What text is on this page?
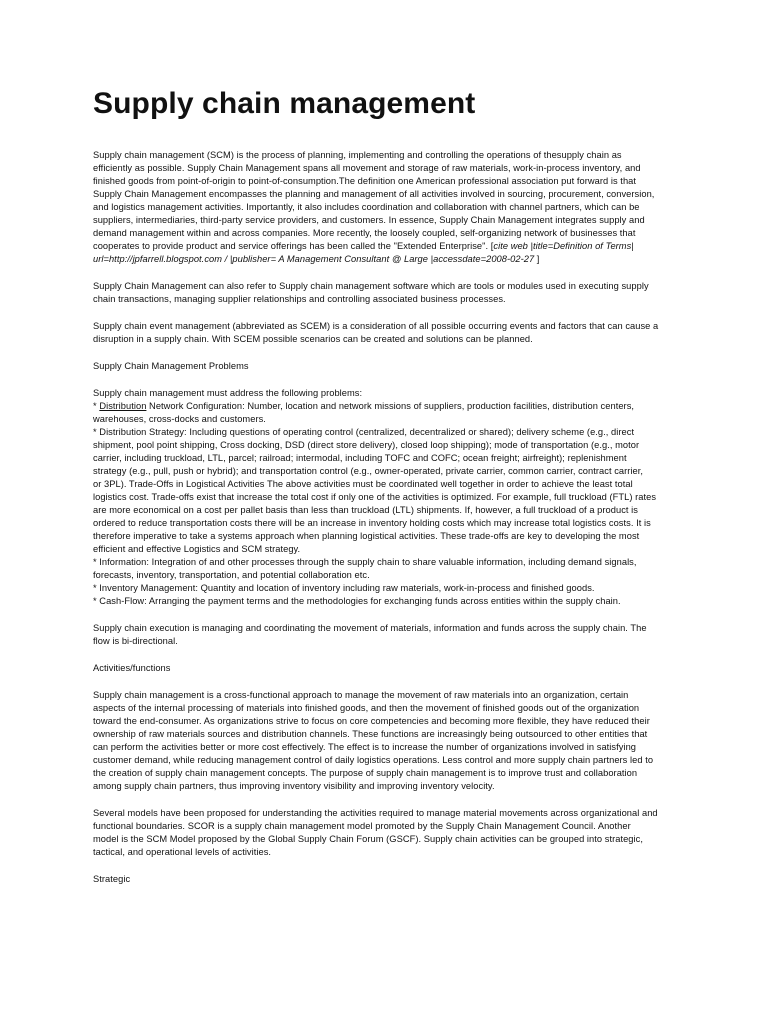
Supply chain management

Supply chain management (SCM) is the process of planning, implementing and controlling the operations of thesupply chain as
efficiently as possible. Supply Chain Management spans all movement and storage of raw materials, work-in-process inventory, and
finished goods from point-of-origin to point-of-consumption.The definition one American professional association put forward is that
Supply Chain Management encompasses the planning and management of all activities involved in sourcing, procurement, conversion,
and logistics management activities. Importantly, it also includes coordination and collaboration with channel partners, which can be
suppliers, intermediaries, third-party service providers, and customers. In essence, Supply Chain Management integrates supply and
demand management within and across companies. More recently, the loosely coupled, self-organizing network of businesses that
cooperates to provide product and service offerings has been called the "Extended Enterprise". [cite web |title=Definition of Terms|
url=http://jpfarrell.blogspot.com / |publisher= A Management Consultant @ Large |accessdate=2008-02-27 ]

Supply Chain Management can also refer to Supply chain management software which are tools or modules used in executing supply
chain transactions, managing supplier relationships and controlling associated business processes.

Supply chain event management (abbreviated as SCEM) is a consideration of all possible occurring events and factors that can cause a
disruption in a supply chain. With SCEM possible scenarios can be created and solutions can be planned.

Supply Chain Management Problems

Supply chain management must address the following problems:
* Distribution Network Configuration: Number, location and network missions of suppliers, production facilities, distribution centers,
warehouses, cross-docks and customers.
* Distribution Strategy: Including questions of operating control (centralized, decentralized or shared); delivery scheme (e.g., direct
shipment, pool point shipping, Cross docking, DSD (direct store delivery), closed loop shipping); mode of transportation (e.g., motor
carrier, including truckload, LTL, parcel; railroad; intermodal, including TOFC and COFC; ocean freight; airfreight); replenishment
strategy (e.g., pull, push or hybrid); and transportation control (e.g., owner-operated, private carrier, common carrier, contract carrier,
or 3PL). Trade-Offs in Logistical Activities The above activities must be coordinated well together in order to achieve the least total
logistics cost. Trade-offs exist that increase the total cost if only one of the activities is optimized. For example, full truckload (FTL) rates
are more economical on a cost per pallet basis than less than truckload (LTL) shipments. If, however, a full truckload of a product is
ordered to reduce transportation costs there will be an increase in inventory holding costs which may increase total logistics costs. It is
therefore imperative to take a systems approach when planning logistical activities. These trade-offs are key to developing the most
efficient and effective Logistics and SCM strategy.
* Information: Integration of and other processes through the supply chain to share valuable information, including demand signals,
forecasts, inventory, transportation, and potential collaboration etc.
* Inventory Management: Quantity and location of inventory including raw materials, work-in-process and finished goods.
* Cash-Flow: Arranging the payment terms and the methodologies for exchanging funds across entities within the supply chain.

Supply chain execution is managing and coordinating the movement of materials, information and funds across the supply chain. The
flow is bi-directional.

Activities/functions

Supply chain management is a cross-functional approach to manage the movement of raw materials into an organization, certain
aspects of the internal processing of materials into finished goods, and then the movement of finished goods out of the organization
toward the end-consumer. As organizations strive to focus on core competencies and becoming more flexible, they have reduced their
ownership of raw materials sources and distribution channels. These functions are increasingly being outsourced to other entities that
can perform the activities better or more cost effectively. The effect is to increase the number of organizations involved in satisfying
customer demand, while reducing management control of daily logistics operations. Less control and more supply chain partners led to
the creation of supply chain management concepts. The purpose of supply chain management is to improve trust and collaboration
among supply chain partners, thus improving inventory visibility and improving inventory velocity.

Several models have been proposed for understanding the activities required to manage material movements across organizational and
functional boundaries. SCOR is a supply chain management model promoted by the Supply Chain Management Council. Another
model is the SCM Model proposed by the Global Supply Chain Forum (GSCF). Supply chain activities can be grouped into strategic,
tactical, and operational levels of activities.

Strategic
